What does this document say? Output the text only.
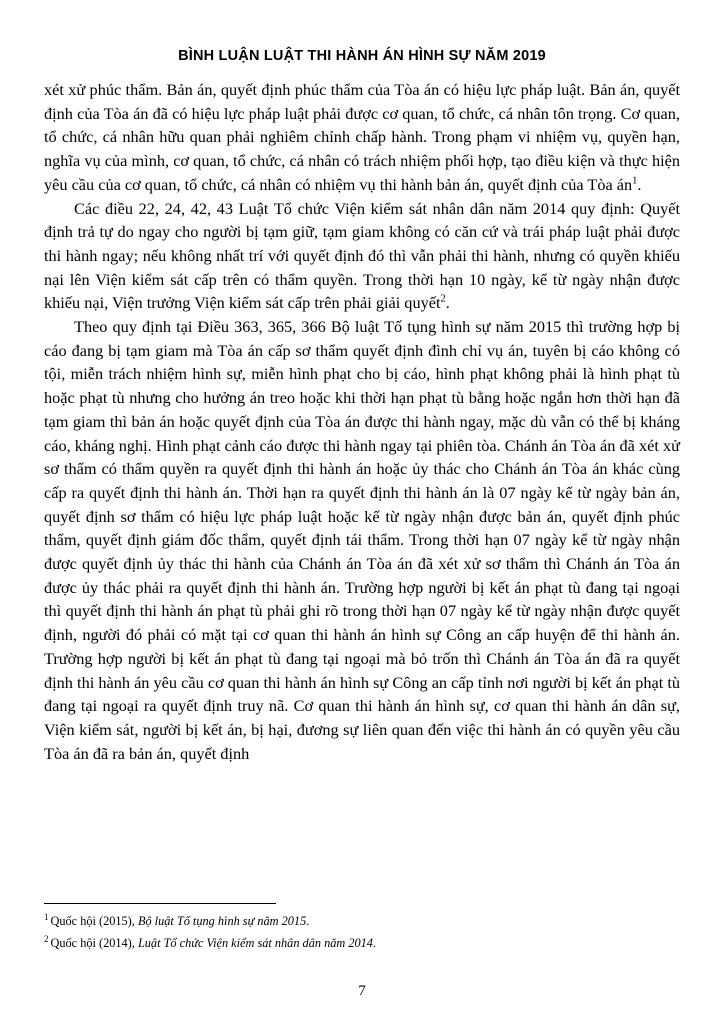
BÌNH LUẬN LUẬT THI HÀNH ÁN HÌNH SỰ NĂM 2019

xét xử phúc thẩm. Bản án, quyết định phúc thẩm của Tòa án có hiệu lực pháp luật. Bản án, quyết định của Tòa án đã có hiệu lực pháp luật phải được cơ quan, tổ chức, cá nhân tôn trọng. Cơ quan, tổ chức, cá nhân hữu quan phải nghiêm chỉnh chấp hành. Trong phạm vi nhiệm vụ, quyền hạn, nghĩa vụ của mình, cơ quan, tổ chức, cá nhân có trách nhiệm phối hợp, tạo điều kiện và thực hiện yêu cầu của cơ quan, tổ chức, cá nhân có nhiệm vụ thi hành bản án, quyết định của Tòa án$^1$.

Các điều 22, 24, 42, 43 Luật Tổ chức Viện kiểm sát nhân dân năm 2014 quy định: Quyết định trả tự do ngay cho người bị tạm giữ, tạm giam không có căn cứ và trái pháp luật phải được thi hành ngay; nếu không nhất trí với quyết định đó thì vẫn phải thi hành, nhưng có quyền khiếu nại lên Viện kiểm sát cấp trên có thẩm quyền. Trong thời hạn 10 ngày, kể từ ngày nhận được khiếu nại, Viện trưởng Viện kiểm sát cấp trên phải giải quyết$^2$.

Theo quy định tại Điều 363, 365, 366 Bộ luật Tố tụng hình sự năm 2015 thì trường hợp bị cáo đang bị tạm giam mà Tòa án cấp sơ thẩm quyết định đình chỉ vụ án, tuyên bị cáo không có tội, miễn trách nhiệm hình sự, miễn hình phạt cho bị cáo, hình phạt không phải là hình phạt tù hoặc phạt tù nhưng cho hưởng án treo hoặc khi thời hạn phạt tù bằng hoặc ngắn hơn thời hạn đã tạm giam thì bản án hoặc quyết định của Tòa án được thi hành ngay, mặc dù vẫn có thể bị kháng cáo, kháng nghị. Hình phạt cảnh cáo được thi hành ngay tại phiên tòa. Chánh án Tòa án đã xét xử sơ thẩm có thẩm quyền ra quyết định thi hành án hoặc ủy thác cho Chánh án Tòa án khác cùng cấp ra quyết định thi hành án. Thời hạn ra quyết định thi hành án là 07 ngày kể từ ngày bản án, quyết định sơ thẩm có hiệu lực pháp luật hoặc kể từ ngày nhận được bản án, quyết định phúc thẩm, quyết định giám đốc thẩm, quyết định tái thẩm. Trong thời hạn 07 ngày kể từ ngày nhận được quyết định ủy thác thi hành của Chánh án Tòa án đã xét xử sơ thẩm thì Chánh án Tòa án được ủy thác phải ra quyết định thi hành án. Trường hợp người bị kết án phạt tù đang tại ngoại thì quyết định thi hành án phạt tù phải ghi rõ trong thời hạn 07 ngày kể từ ngày nhận được quyết định, người đó phải có mặt tại cơ quan thi hành án hình sự Công an cấp huyện để thi hành án. Trường hợp người bị kết án phạt tù đang tại ngoại mà bỏ trốn thì Chánh án Tòa án đã ra quyết định thi hành án yêu cầu cơ quan thi hành án hình sự Công an cấp tỉnh nơi người bị kết án phạt tù đang tại ngoại ra quyết định truy nã. Cơ quan thi hành án hình sự, cơ quan thi hành án dân sự, Viện kiểm sát, người bị kết án, bị hại, đương sự liên quan đến việc thi hành án có quyền yêu cầu Tòa án đã ra bản án, quyết định

$^1$ Quốc hội (2015), Bộ luật Tố tụng hình sự năm 2015.
$^2$ Quốc hội (2014), Luật Tổ chức Viện kiểm sát nhân dân năm 2014.
7
